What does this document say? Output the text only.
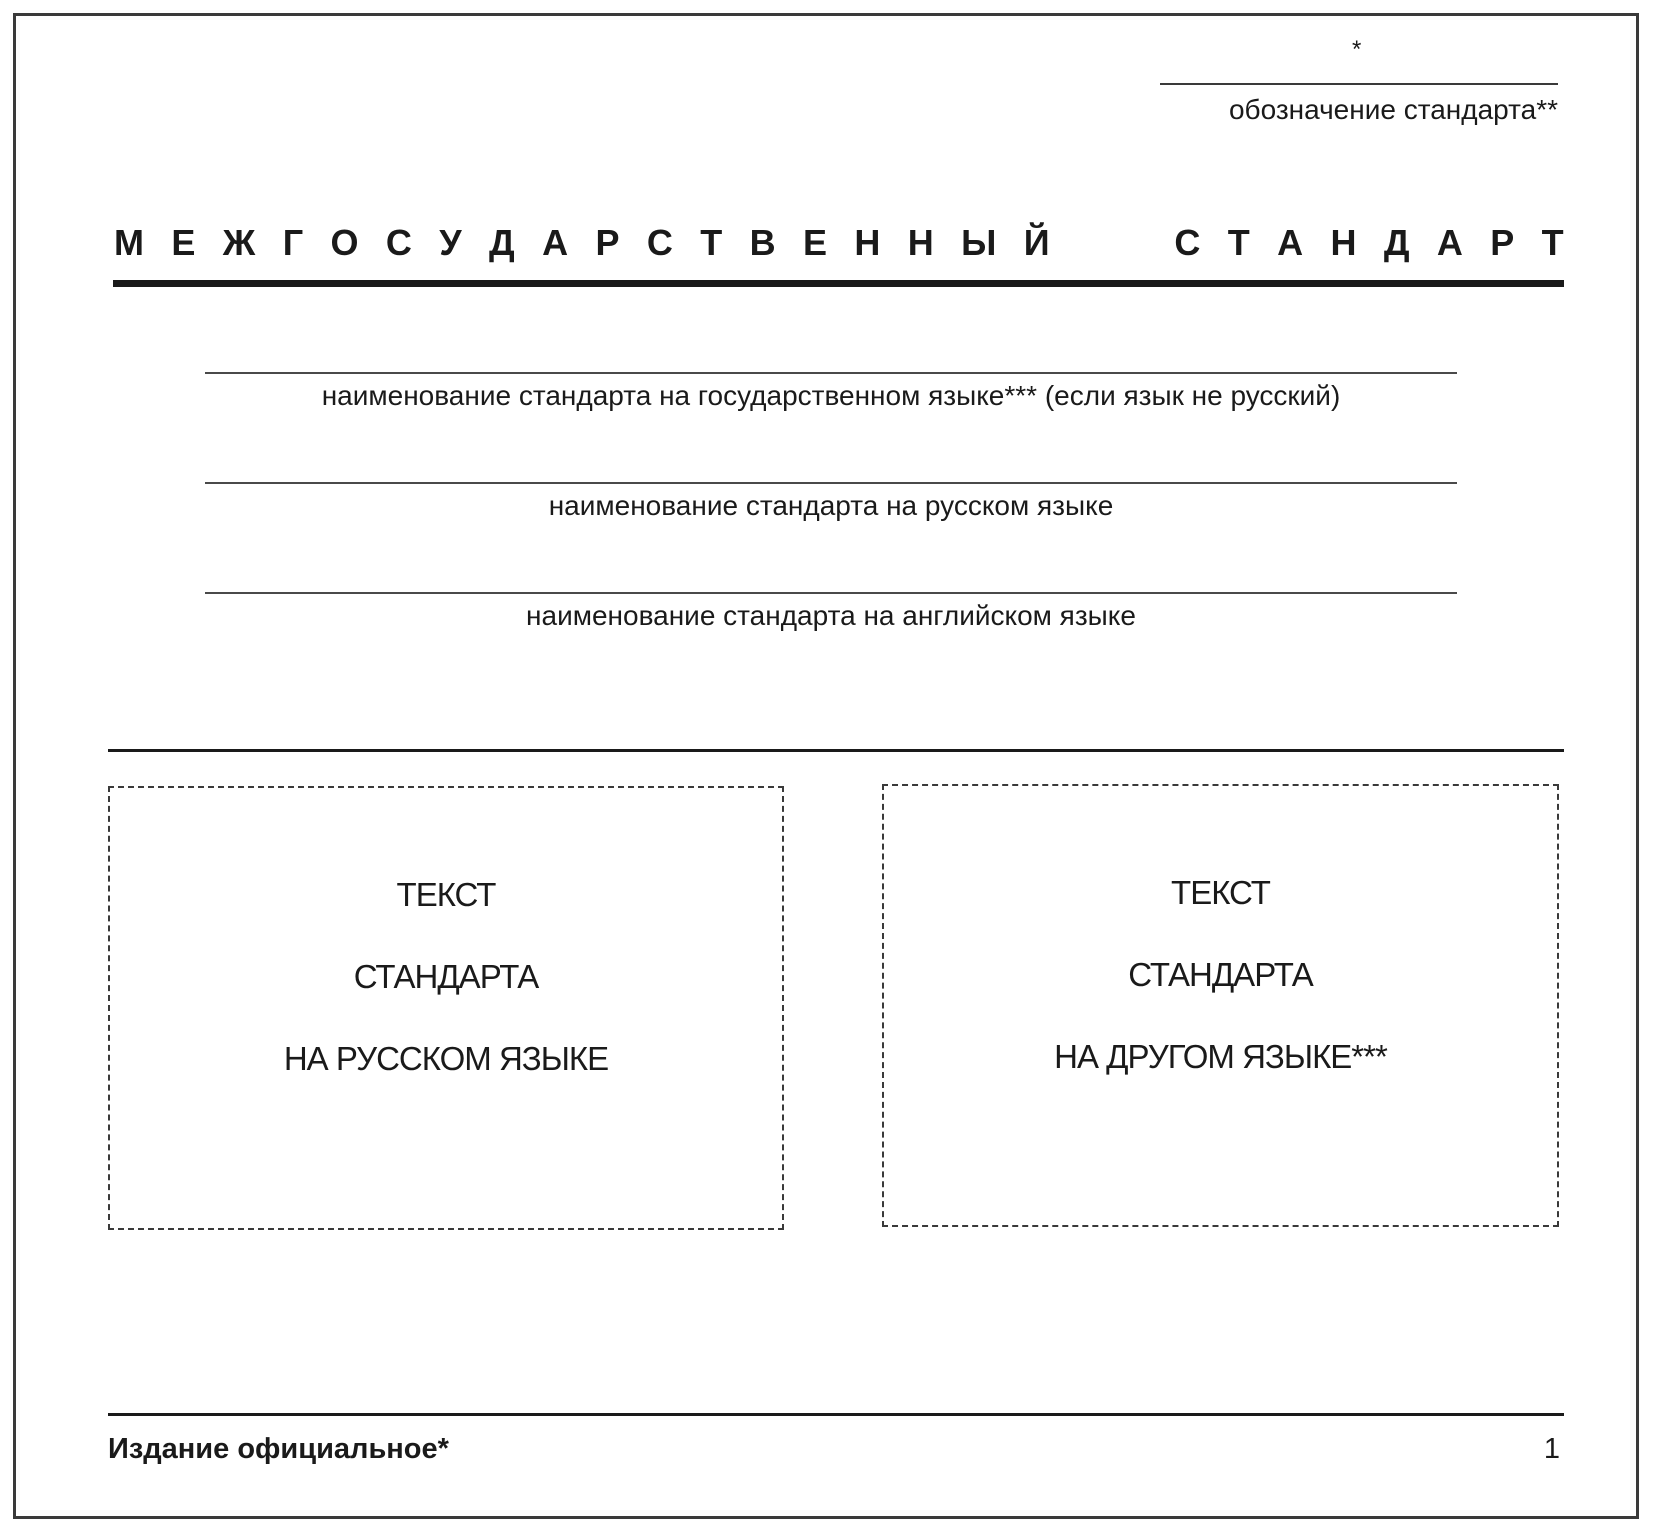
*
обозначение стандарта**
М Е Ж Г О С У Д А Р С Т В Е Н Н Ы Й	С Т А Н Д А Р Т
наименование стандарта на государственном языке*** (если язык не русский)
наименование стандарта на русском языке
наименование стандарта на английском языке
ТЕКСТ
СТАНДАРТА
НА РУССКОМ ЯЗЫКЕ
ТЕКСТ
СТАНДАРТА
НА ДРУГОМ ЯЗЫКЕ***
Издание официальное*	1
